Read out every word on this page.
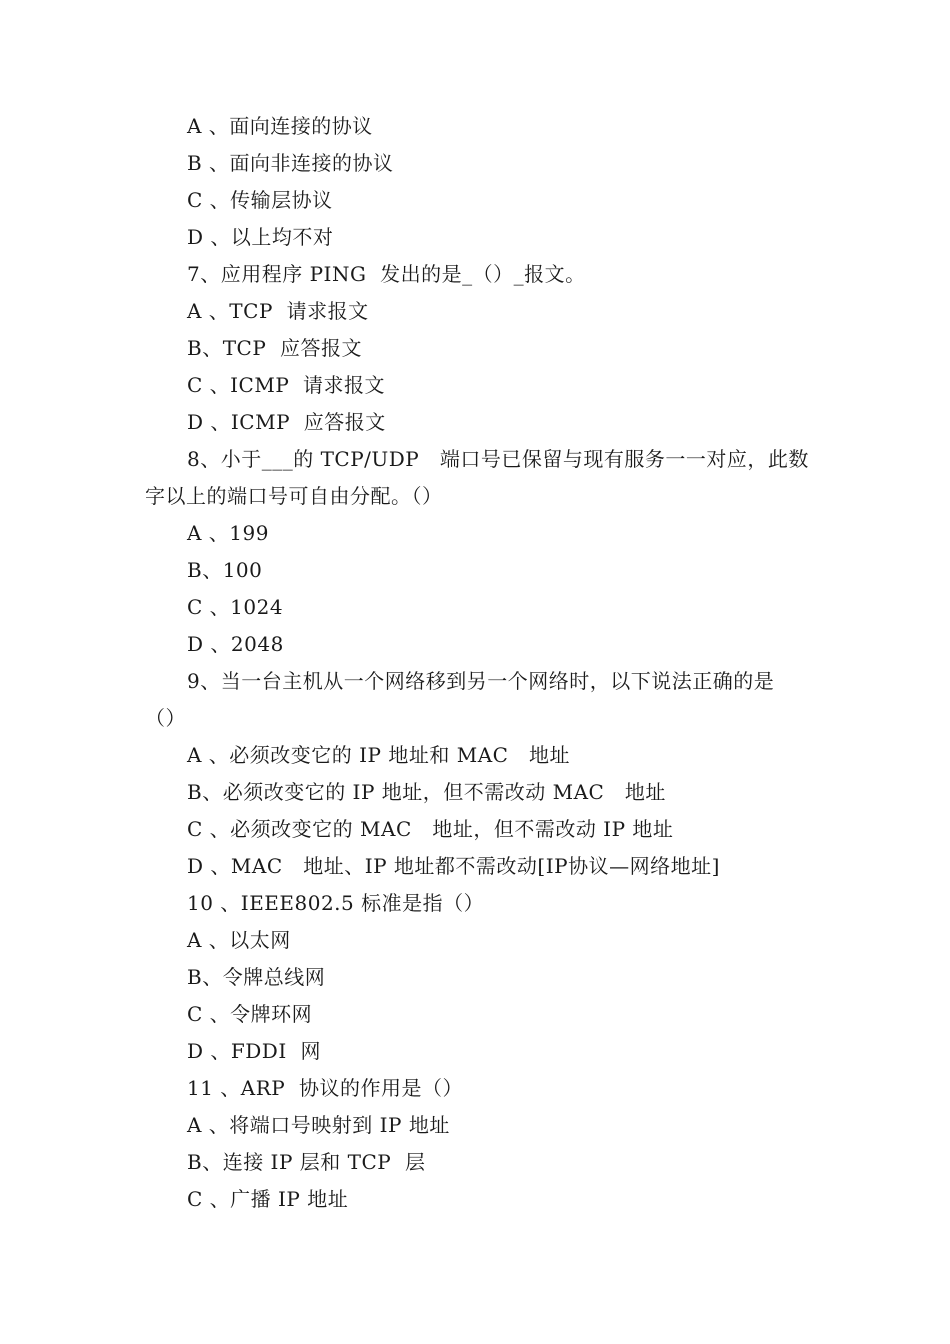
A 、面向连接的协议
B 、面向非连接的协议
C 、传输层协议
D 、以上均不对
7、应用程序 PING  发出的是_（）_报文。
A 、TCP  请求报文
B、TCP  应答报文
C 、ICMP  请求报文
D 、ICMP  应答报文
8、小于___的 TCP/UDP   端口号已保留与现有服务一一对应，此数
字以上的端口号可自由分配。（）
A 、199
B、100
C 、1024
D 、2048
9、当一台主机从一个网络移到另一个网络时，以下说法正确的是
（）
A 、必须改变它的 IP 地址和 MAC   地址
B、必须改变它的 IP 地址，但不需改动 MAC   地址
C 、必须改变它的 MAC   地址，但不需改动 IP 地址
D 、MAC   地址、IP 地址都不需改动[IP协议—网络地址]
10 、IEEE802.5 标准是指（）
A 、以太网
B、令牌总线网
C 、令牌环网
D 、FDDI  网
11 、ARP  协议的作用是（）
A 、将端口号映射到 IP 地址
B、连接 IP 层和 TCP  层
C 、广播 IP 地址
